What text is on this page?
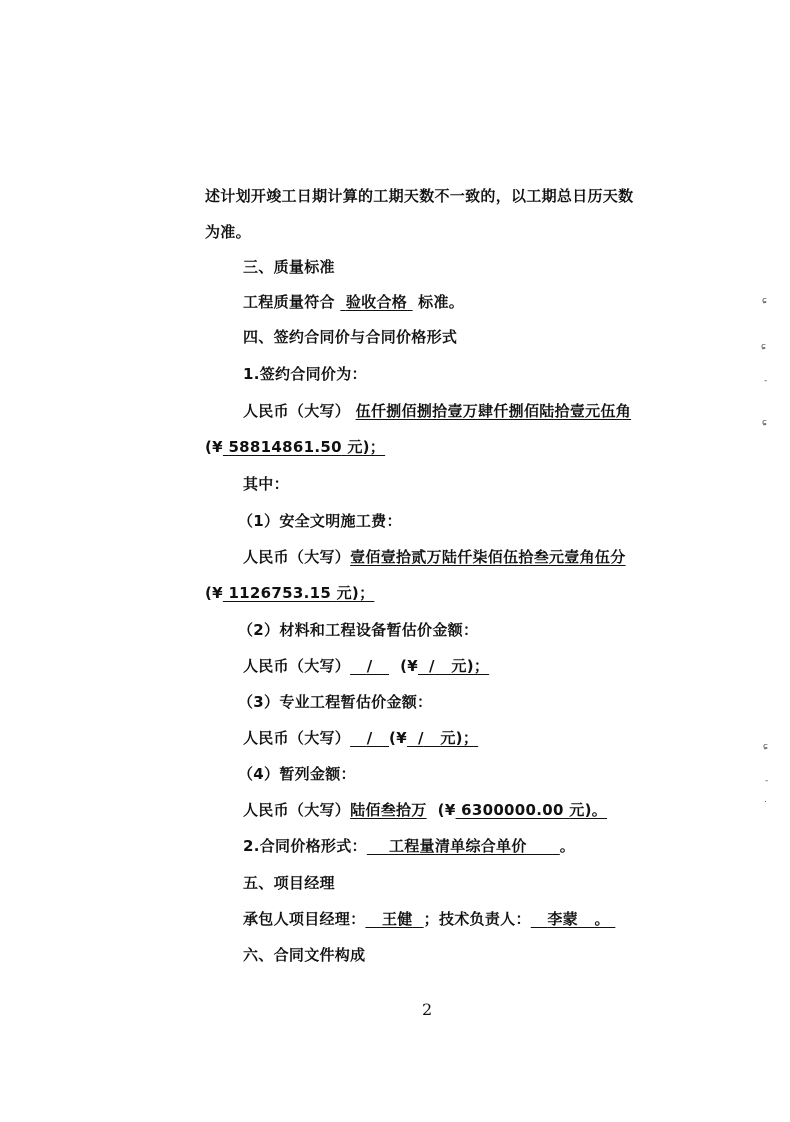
述计划开竣工日期计算的工期天数不一致的，以工期总日历天数
为准。
三、质量标准
工程质量符合 验收合格 标准。
四、签约合同价与合同价格形式
1.签约合同价为：
人民币（大写） 伍仟捌佰捌拾壹万肆仟捌佰陆拾壹元伍角
(¥ 58814861.50 元)；
其中：
（1）安全文明施工费：
人民币（大写）壹佰壹拾贰万陆仟柒佰伍拾叁元壹角伍分
(¥ 1126753.15 元)；
（2）材料和工程设备暂估价金额：
人民币（大写） / (¥ / 元)；
（3）专业工程暂估价金额：
人民币（大写） / (¥ / 元)；
（4）暂列金额：
人民币（大写）陆佰叁拾万 (¥ 6300000.00 元)。
2.合同价格形式： 工程量清单综合单价 。
五、项目经理
承包人项目经理： 王健 ；技术负责人： 李蒙   。
六、合同文件构成
2
ɕ
ɕ
-
ɕ
ɕ
-
.
